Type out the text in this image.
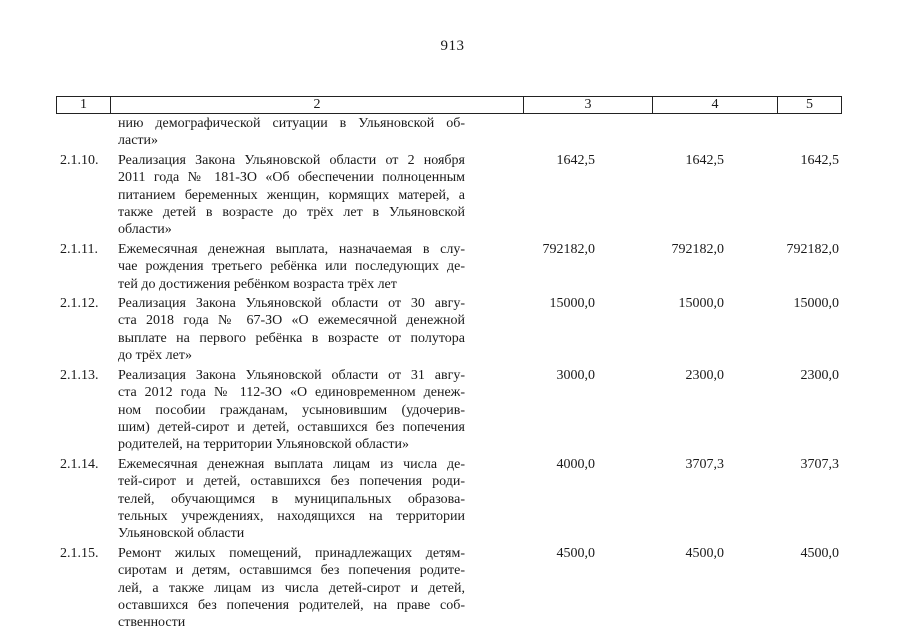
913
1	2	3	4	5
нию демографической ситуации в Ульяновской об-
ласти»
2.1.10.	Реализация Закона Ульяновской области от 2 ноября
2011 года № 181-ЗО «Об обеспечении полноценным
питанием беременных женщин, кормящих матерей, а
также детей в возрасте до трёх лет в Ульяновской
области»
1642,5	1642,5	1642,5
2.1.11.	Ежемесячная денежная выплата, назначаемая в слу-
чае рождения третьего ребёнка или последующих де-
тей до достижения ребёнком возраста трёх лет
792182,0	792182,0	792182,0
2.1.12.	Реализация Закона Ульяновской области от 30 авгу-
ста 2018 года № 67-ЗО «О ежемесячной денежной
выплате на первого ребёнка в возрасте от полутора
до трёх лет»
15000,0	15000,0	15000,0
2.1.13.	Реализация Закона Ульяновской области от 31 авгу-
ста 2012 года № 112-ЗО «О единовременном денеж-
ном пособии гражданам, усыновившим (удочерив-
шим) детей-сирот и детей, оставшихся без попечения
родителей, на территории Ульяновской области»
3000,0	2300,0	2300,0
2.1.14.	Ежемесячная денежная выплата лицам из числа де-
тей-сирот и детей, оставшихся без попечения роди-
телей, обучающимся в муниципальных образова-
тельных учреждениях, находящихся на территории
Ульяновской области
4000,0	3707,3	3707,3
2.1.15.	Ремонт жилых помещений, принадлежащих детям-
сиротам и детям, оставшимся без попечения родите-
лей, а также лицам из числа детей-сирот и детей,
оставшихся без попечения родителей, на праве соб-
ственности
4500,0	4500,0	4500,0
